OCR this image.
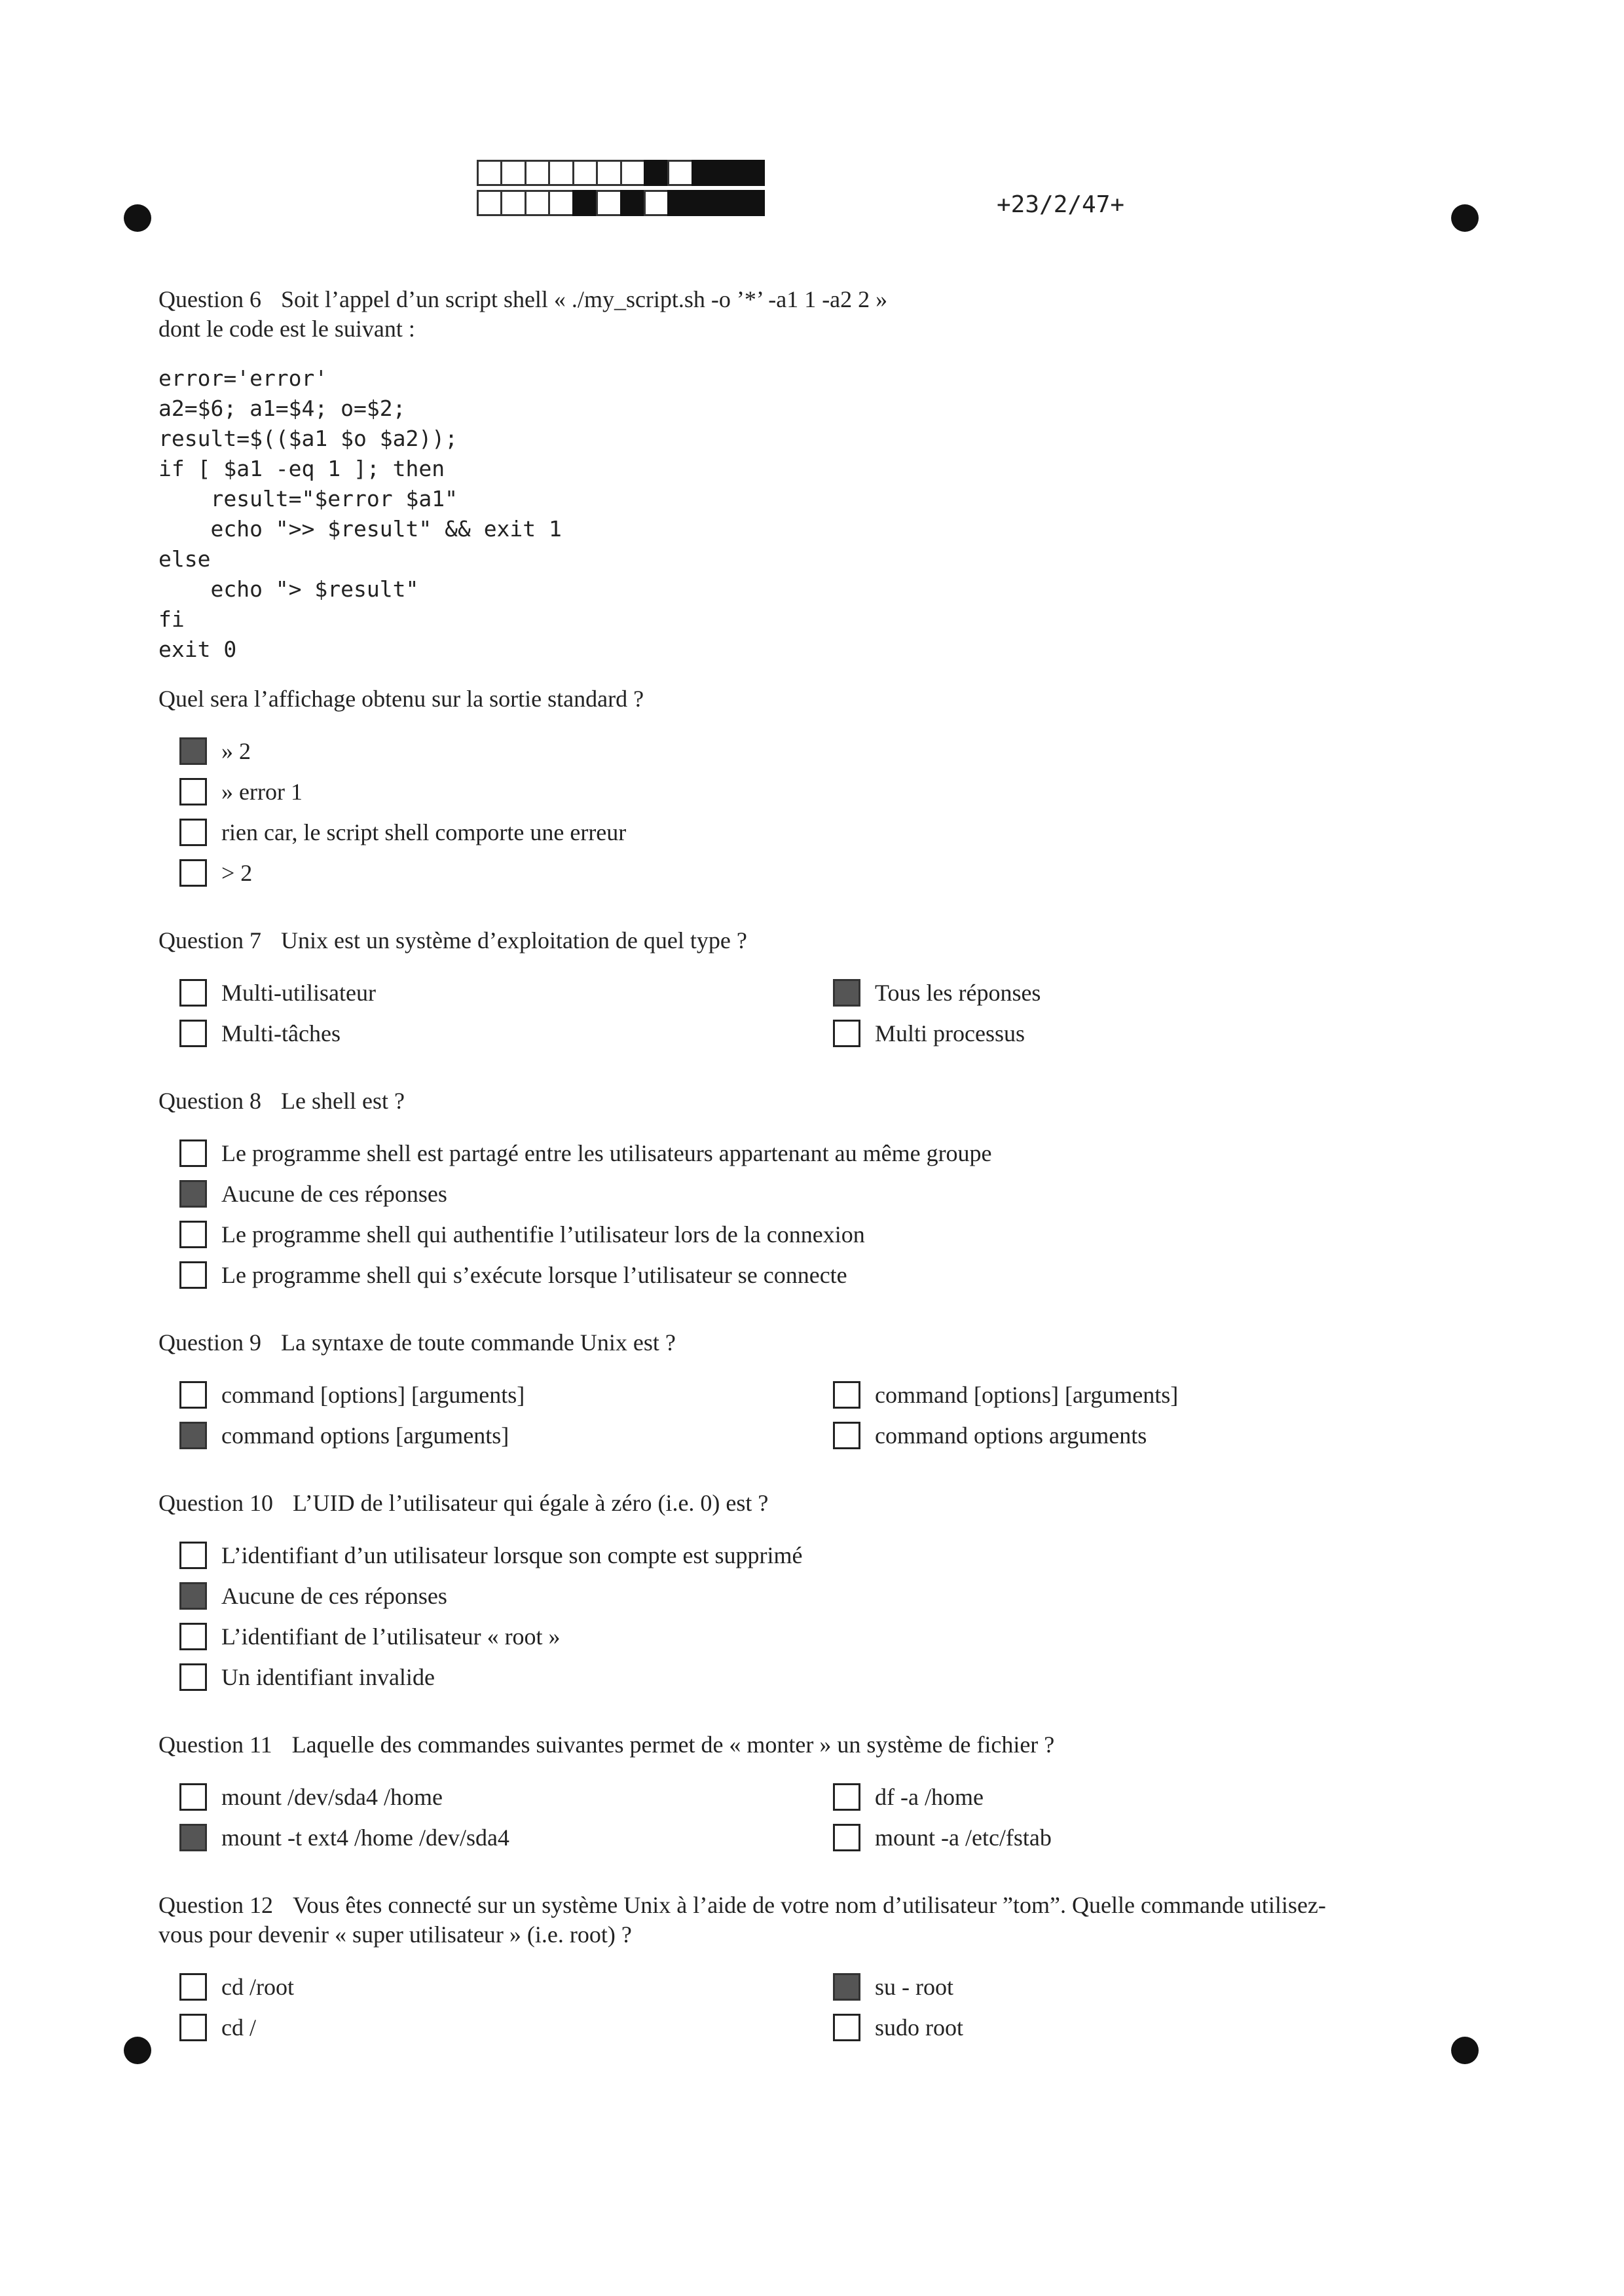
+23/2/47+

Question 6 Soit l’appel d’un script shell « ./my_script.sh -o ’*’ -a1 1 -a2 2 »

dont le code est le suivant :

error='error'
a2=$6; a1=$4; o=$2;
result=$(($a1 $o $a2));
if [ $a1 -eq 1 ]; then
result="$error $a1"
echo ">> $result" && exit 1
else
echo "> $result"
fi
exit 0

Quel sera l’affichage obtenu sur la sortie standard ?

» 2
» error 1
rien car, le script shell comporte une erreur
> 2

Question 7 Unix est un système d’exploitation de quel type ?

Multi-utilisateur	Tous les réponses
Multi-tâches	Multi processus

Question 8 Le shell est ?

Le programme shell est partagé entre les utilisateurs appartenant au même groupe
Aucune de ces réponses
Le programme shell qui authentifie l’utilisateur lors de la connexion
Le programme shell qui s’exécute lorsque l’utilisateur se connecte

Question 9 La syntaxe de toute commande Unix est ?

command [options] [arguments]	command [options] [arguments]
command options [arguments]	command options arguments

Question 10 L’UID de l’utilisateur qui égale à zéro (i.e. 0) est ?

L’identifiant d’un utilisateur lorsque son compte est supprimé
Aucune de ces réponses
L’identifiant de l’utilisateur « root »
Un identifiant invalide

Question 11 Laquelle des commandes suivantes permet de « monter » un système de fichier ?

mount /dev/sda4 /home	df -a /home
mount -t ext4 /home /dev/sda4	mount -a /etc/fstab

Question 12 Vous êtes connecté sur un système Unix à l’aide de votre nom d’utilisateur ”tom”. Quelle commande utilisez-

vous pour devenir « super utilisateur » (i.e. root) ?

cd /root	su - root
cd /	sudo root
